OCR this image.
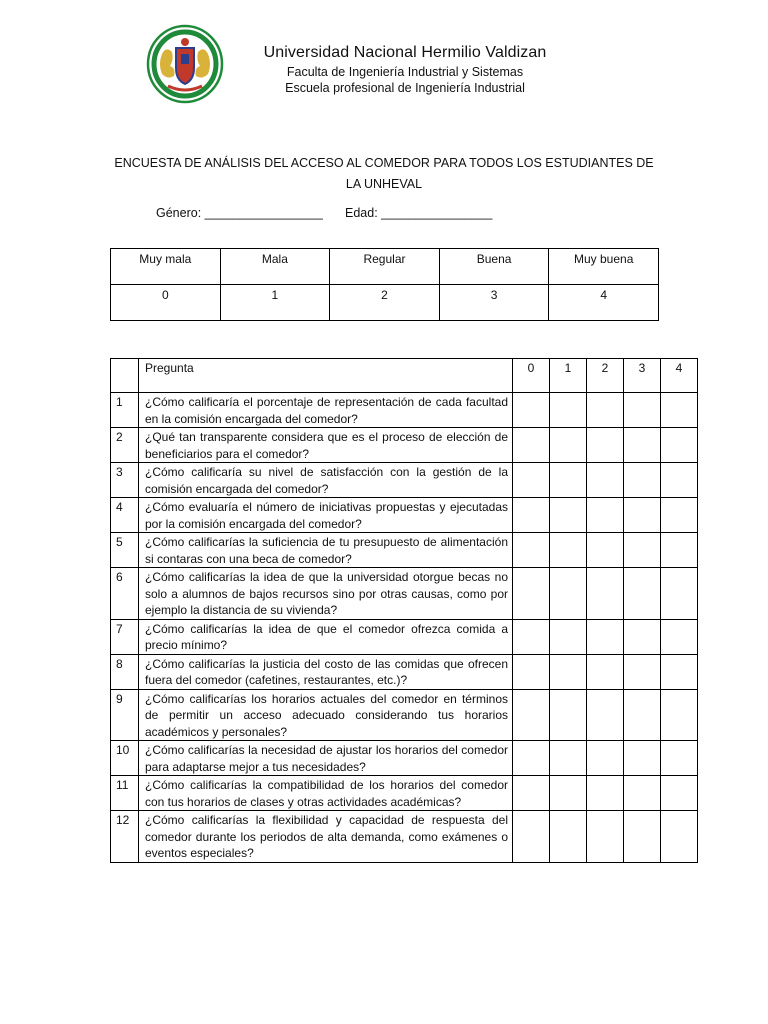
Universidad Nacional Hermilio Valdizan
Faculta de Ingeniería Industrial y Sistemas
Escuela profesional de Ingeniería Industrial
ENCUESTA DE ANÁLISIS DEL ACCESO AL COMEDOR PARA TODOS LOS ESTUDIANTES DE
LA UNHEVAL
Género: _________________ Edad: ________________
Muy mala	Mala	Regular	Buena	Muy buena
0	1	2	3	4
	Pregunta	0	1	2	3	4
1	¿Cómo calificaría el porcentaje de representación de cada facultad en la comisión encargada del comedor?					
2	¿Qué tan transparente considera que es el proceso de elección de beneficiarios para el comedor?					
3	¿Cómo calificaría su nivel de satisfacción con la gestión de la comisión encargada del comedor?					
4	¿Cómo evaluaría el número de iniciativas propuestas y ejecutadas por la comisión encargada del comedor?					
5	¿Cómo calificarías la suficiencia de tu presupuesto de alimentación si contaras con una beca de comedor?					
6	¿Cómo calificarías la idea de que la universidad otorgue becas no solo a alumnos de bajos recursos sino por otras causas, como por ejemplo la distancia de su vivienda?					
7	¿Cómo calificarías la idea de que el comedor ofrezca comida a precio mínimo?					
8	¿Cómo calificarías la justicia del costo de las comidas que ofrecen fuera del comedor (cafetines, restaurantes, etc.)?					
9	¿Cómo calificarías los horarios actuales del comedor en términos de permitir un acceso adecuado considerando tus horarios académicos y personales?					
10	¿Cómo calificarías la necesidad de ajustar los horarios del comedor para adaptarse mejor a tus necesidades?					
11	¿Cómo calificarías la compatibilidad de los horarios del comedor con tus horarios de clases y otras actividades académicas?					
12	¿Cómo calificarías la flexibilidad y capacidad de respuesta del comedor durante los periodos de alta demanda, como exámenes o eventos especiales?					
